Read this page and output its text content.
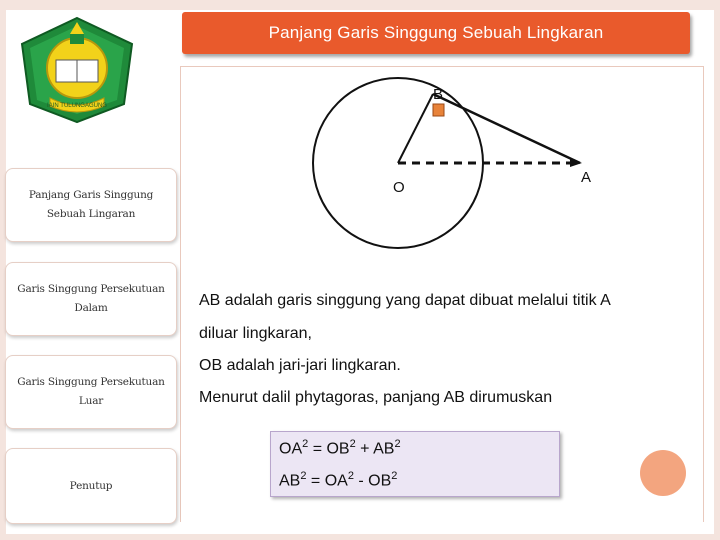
Panjang Garis Singgung Sebuah Lingkaran
IAIN TULUNGAGUNG
Panjang Garis Singgung
Sebuah Lingaran
Garis Singgung Persekutuan
Dalam
Garis Singgung Persekutuan
Luar
Penutup
B
O
A
AB adalah garis singgung yang dapat dibuat melalui titik A
diluar lingkaran,
OB adalah jari-jari lingkaran.
Menurut dalil phytagoras, panjang AB dirumuskan
$OA^2 = OB^2 + AB^2$
$AB^2 = OA^2 - OB^2$
